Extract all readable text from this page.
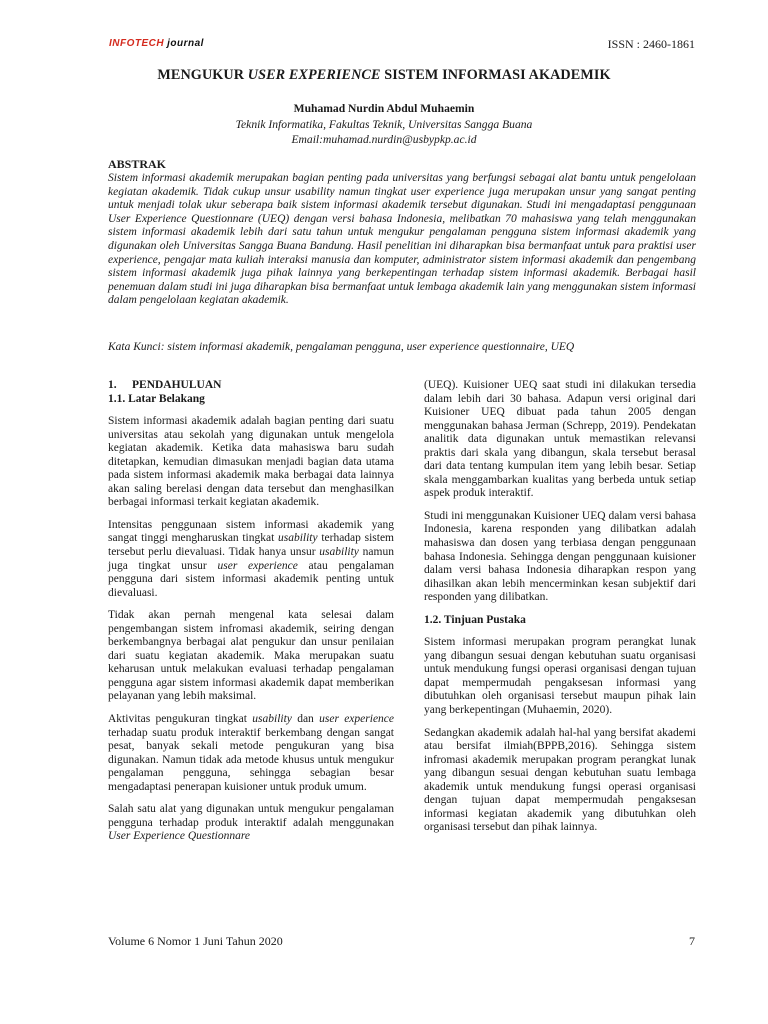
INFOTECH journal	ISSN : 2460-1861
MENGUKUR USER EXPERIENCE SISTEM INFORMASI AKADEMIK
Muhamad Nurdin Abdul Muhaemin
Teknik Informatika, Fakultas Teknik, Universitas Sangga Buana
Email:muhamad.nurdin@usbypkp.ac.id
ABSTRAK
Sistem informasi akademik merupakan bagian penting pada universitas yang berfungsi sebagai alat bantu untuk pengelolaan kegiatan akademik. Tidak cukup unsur usability namun tingkat user experience juga merupakan unsur yang sangat penting untuk menjadi tolak ukur seberapa baik sistem informasi akademik tersebut digunakan. Studi ini mengadaptasi penggunaan User Experience Questionnare (UEQ) dengan versi bahasa Indonesia, melibatkan 70 mahasiswa yang telah menggunakan sistem informasi akademik lebih dari satu tahun untuk mengukur pengalaman pengguna sistem informasi akademik yang digunakan oleh Universitas Sangga Buana Bandung. Hasil penelitian ini diharapkan bisa bermanfaat untuk para praktisi user experience, pengajar mata kuliah interaksi manusia dan komputer, administrator sistem informasi akademik dan pengembang sistem informasi akademik juga pihak lainnya yang berkepentingan terhadap sistem informasi akademik. Berbagai hasil penemuan dalam studi ini juga diharapkan bisa bermanfaat untuk lembaga akademik lain yang menggunakan sistem informasi dalam pengelolaan kegiatan akademik.
Kata Kunci: sistem informasi akademik, pengalaman pengguna, user experience questionnaire, UEQ

1. PENDAHULUAN

1.1. Latar Belakang

Sistem informasi akademik adalah bagian penting dari suatu universitas atau sekolah yang digunakan untuk mengelola kegiatan akademik. Ketika data mahasiswa baru sudah ditetapkan, kemudian dimasukan menjadi bagian data utama pada sistem informasi akademik maka berbagai data lainnya akan saling berelasi dengan data tersebut dan menghasilkan berbagai informasi terkait kegiatan akademik.

Intensitas penggunaan sistem informasi akademik yang sangat tinggi mengharuskan tingkat usability terhadap sistem tersebut perlu dievaluasi. Tidak hanya unsur usability namun juga tingkat unsur user experience atau pengalaman pengguna dari sistem informasi akademik penting untuk dievaluasi.

Tidak akan pernah mengenal kata selesai dalam pengembangan sistem infromasi akademik, seiring dengan berkembangnya berbagai alat pengukur dan unsur penilaian dari suatu kegiatan akademik. Maka merupakan suatu keharusan untuk melakukan evaluasi terhadap pengalaman pengguna agar sistem informasi akademik dapat memberikan pelayanan yang lebih maksimal.

Aktivitas pengukuran tingkat usability dan user experience terhadap suatu produk interaktif berkembang dengan sangat pesat, banyak sekali metode pengukuran yang bisa digunakan. Namun tidak ada metode khusus untuk mengukur pengalaman pengguna, sehingga sebagian besar mengadaptasi penerapan kuisioner untuk produk umum.

Salah satu alat yang digunakan untuk mengukur pengalaman pengguna terhadap produk interaktif adalah menggunakan User Experience Questionnare

(UEQ). Kuisioner UEQ saat studi ini dilakukan tersedia dalam lebih dari 30 bahasa. Adapun versi original dari Kuisioner UEQ dibuat pada tahun 2005 dengan menggunakan bahasa Jerman (Schrepp, 2019). Pendekatan analitik data digunakan untuk memastikan relevansi praktis dari skala yang dibangun, skala tersebut berasal dari data tentang kumpulan item yang lebih besar. Setiap skala menggambarkan kualitas yang berbeda untuk setiap aspek produk interaktif.

Studi ini menggunakan Kuisioner UEQ dalam versi bahasa Indonesia, karena responden yang dilibatkan adalah mahasiswa dan dosen yang terbiasa dengan penggunaan bahasa Indonesia. Sehingga dengan penggunaan kuisioner dalam versi bahasa Indonesia diharapkan respon yang dihasilkan akan lebih mencerminkan kesan subjektif dari responden yang dilibatkan.

1.2. Tinjuan Pustaka

Sistem informasi merupakan program perangkat lunak yang dibangun sesuai dengan kebutuhan suatu organisasi untuk mendukung fungsi operasi organisasi dengan tujuan dapat mempermudah pengaksesan informasi yang dibutuhkan oleh organisasi tersebut maupun pihak lain yang berkepentingan (Muhaemin, 2020).

Sedangkan akademik adalah hal-hal yang bersifat akademi atau bersifat ilmiah(BPPB,2016). Sehingga sistem infromasi akademik merupakan program perangkat lunak yang dibangun sesuai dengan kebutuhan suatu lembaga akademik untuk mendukung fungsi operasi organisasi dengan tujuan dapat mempermudah pengaksesan informasi kegiatan akademik yang dibutuhkan oleh organisasi tersebut dan pihak lainnya.

Volume 6 Nomor 1 Juni Tahun 2020	7
